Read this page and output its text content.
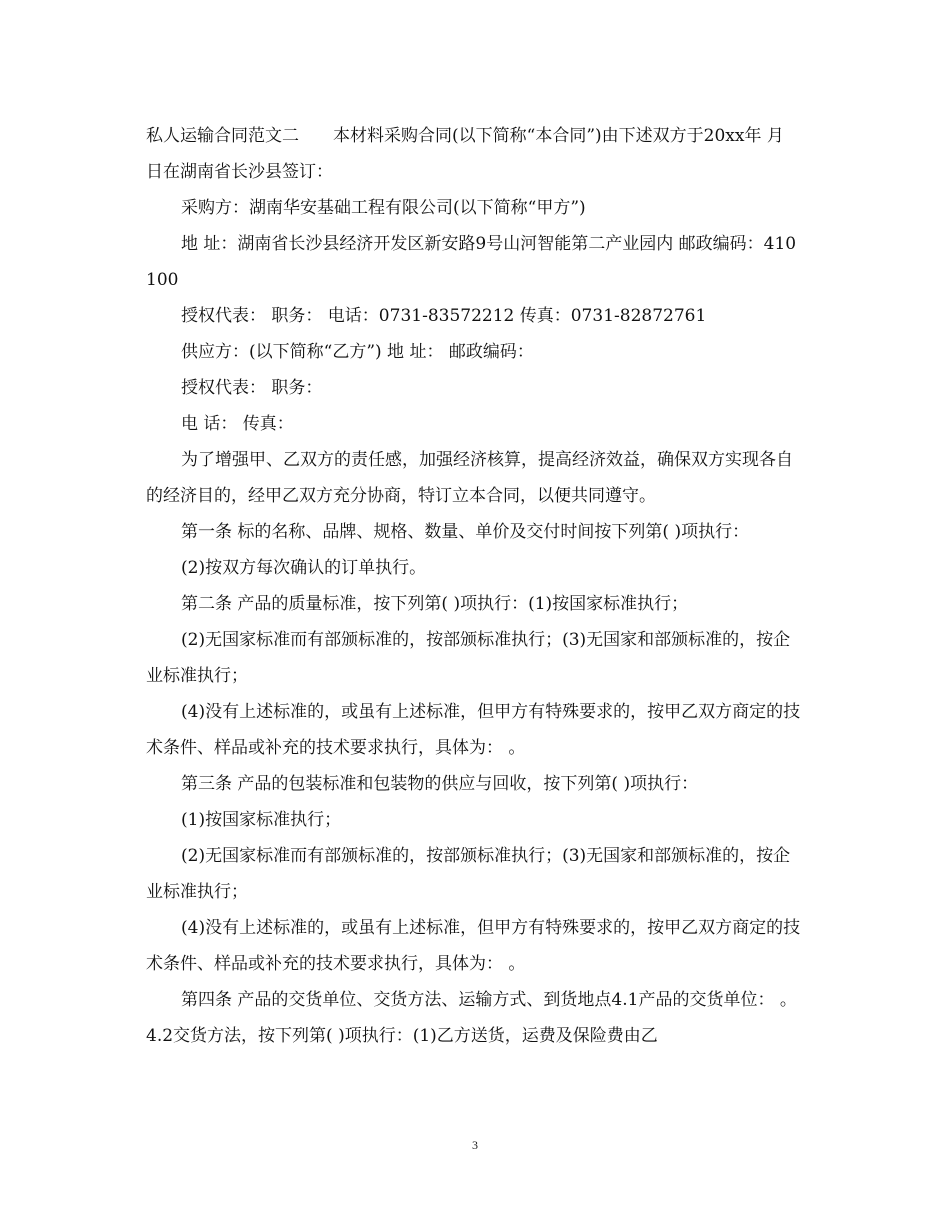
私人运输合同范文二　　本材料采购合同(以下简称“本合同”)由下述双方于20xx年 月 日在湖南省长沙县签订：

采购方：湖南华安基础工程有限公司(以下简称“甲方”)

地 址：湖南省长沙县经济开发区新安路9号山河智能第二产业园内 邮政编码：410100

授权代表： 职务： 电话：0731-83572212 传真：0731-82872761

供应方：(以下简称“乙方”) 地 址： 邮政编码：

授权代表： 职务：

电 话： 传真：

为了增强甲、乙双方的责任感，加强经济核算，提高经济效益，确保双方实现各自的经济目的，经甲乙双方充分协商，特订立本合同，以便共同遵守。

第一条 标的名称、品牌、规格、数量、单价及交付时间按下列第( )项执行：

(2)按双方每次确认的订单执行。

第二条 产品的质量标准，按下列第( )项执行：(1)按国家标准执行；

(2)无国家标准而有部颁标准的，按部颁标准执行；(3)无国家和部颁标准的，按企业标准执行；

(4)没有上述标准的，或虽有上述标准，但甲方有特殊要求的，按甲乙双方商定的技术条件、样品或补充的技术要求执行，具体为： 。

第三条 产品的包装标准和包装物的供应与回收，按下列第( )项执行：

(1)按国家标准执行；

(2)无国家标准而有部颁标准的，按部颁标准执行；(3)无国家和部颁标准的，按企业标准执行；

(4)没有上述标准的，或虽有上述标准，但甲方有特殊要求的，按甲乙双方商定的技术条件、样品或补充的技术要求执行，具体为： 。

第四条 产品的交货单位、交货方法、运输方式、到货地点4.1产品的交货单位： 。4.2交货方法，按下列第( )项执行：(1)乙方送货，运费及保险费由乙

3
